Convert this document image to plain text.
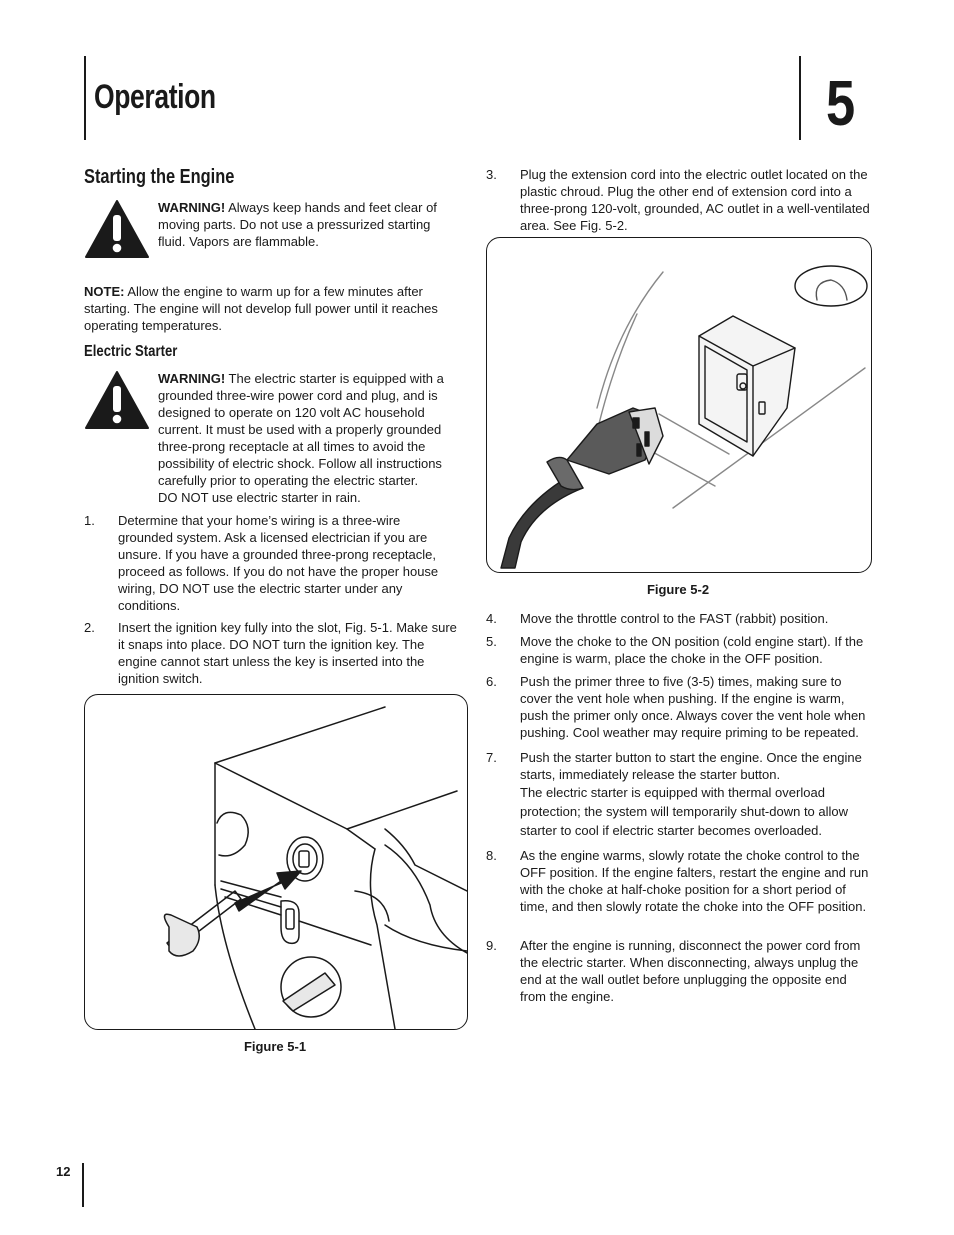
Operation	5
Starting the Engine
WARNING! Always keep hands and feet clear of moving parts. Do not use a pressurized starting fluid. Vapors are flammable.
NOTE: Allow the engine to warm up for a few minutes after starting. The engine will not develop full power until it reaches operating temperatures.
Electric Starter
WARNING! The electric starter is equipped with a grounded three-wire power cord and plug, and is designed to operate on 120 volt AC household current. It must be used with a properly grounded three-prong receptacle at all times to avoid the possibility of electric shock. Follow all instructions carefully prior to operating the electric starter.
DO NOT use electric starter in rain.
1. Determine that your home’s wiring is a three-wire grounded system. Ask a licensed electrician if you are unsure. If you have a grounded three-prong receptacle, proceed as follows. If you do not have the proper house wiring, DO NOT use the electric starter under any conditions.
2. Insert the ignition key fully into the slot, Fig. 5-1. Make sure it snaps into place. DO NOT turn the ignition key. The engine cannot start unless the key is inserted into the ignition switch.
Figure 5-1
3. Plug the extension cord into the electric outlet located on the plastic chroud. Plug the other end of extension cord into a three-prong 120-volt, grounded, AC outlet in a well-ventilated area. See Fig. 5-2.
Figure 5-2
4. Move the throttle control to the FAST (rabbit) position.
5. Move the choke to the ON position (cold engine start). If the engine is warm, place the choke in the OFF position.
6. Push the primer three to five (3-5) times, making sure to cover the vent hole when pushing. If the engine is warm, push the primer only once. Always cover the vent hole when pushing. Cool weather may require priming to be repeated.
7. Push the starter button to start the engine. Once the engine starts, immediately release the starter button.
The electric starter is equipped with thermal overload protection; the system will temporarily shut-down to allow starter to cool if electric starter becomes overloaded.
8. As the engine warms, slowly rotate the choke control to the OFF position. If the engine falters, restart the engine and run with the choke at half-choke position for a short period of time, and then slowly rotate the choke into the OFF position.
9. After the engine is running, disconnect the power cord from the electric starter. When disconnecting, always unplug the end at the wall outlet before unplugging the opposite end from the engine.
12
